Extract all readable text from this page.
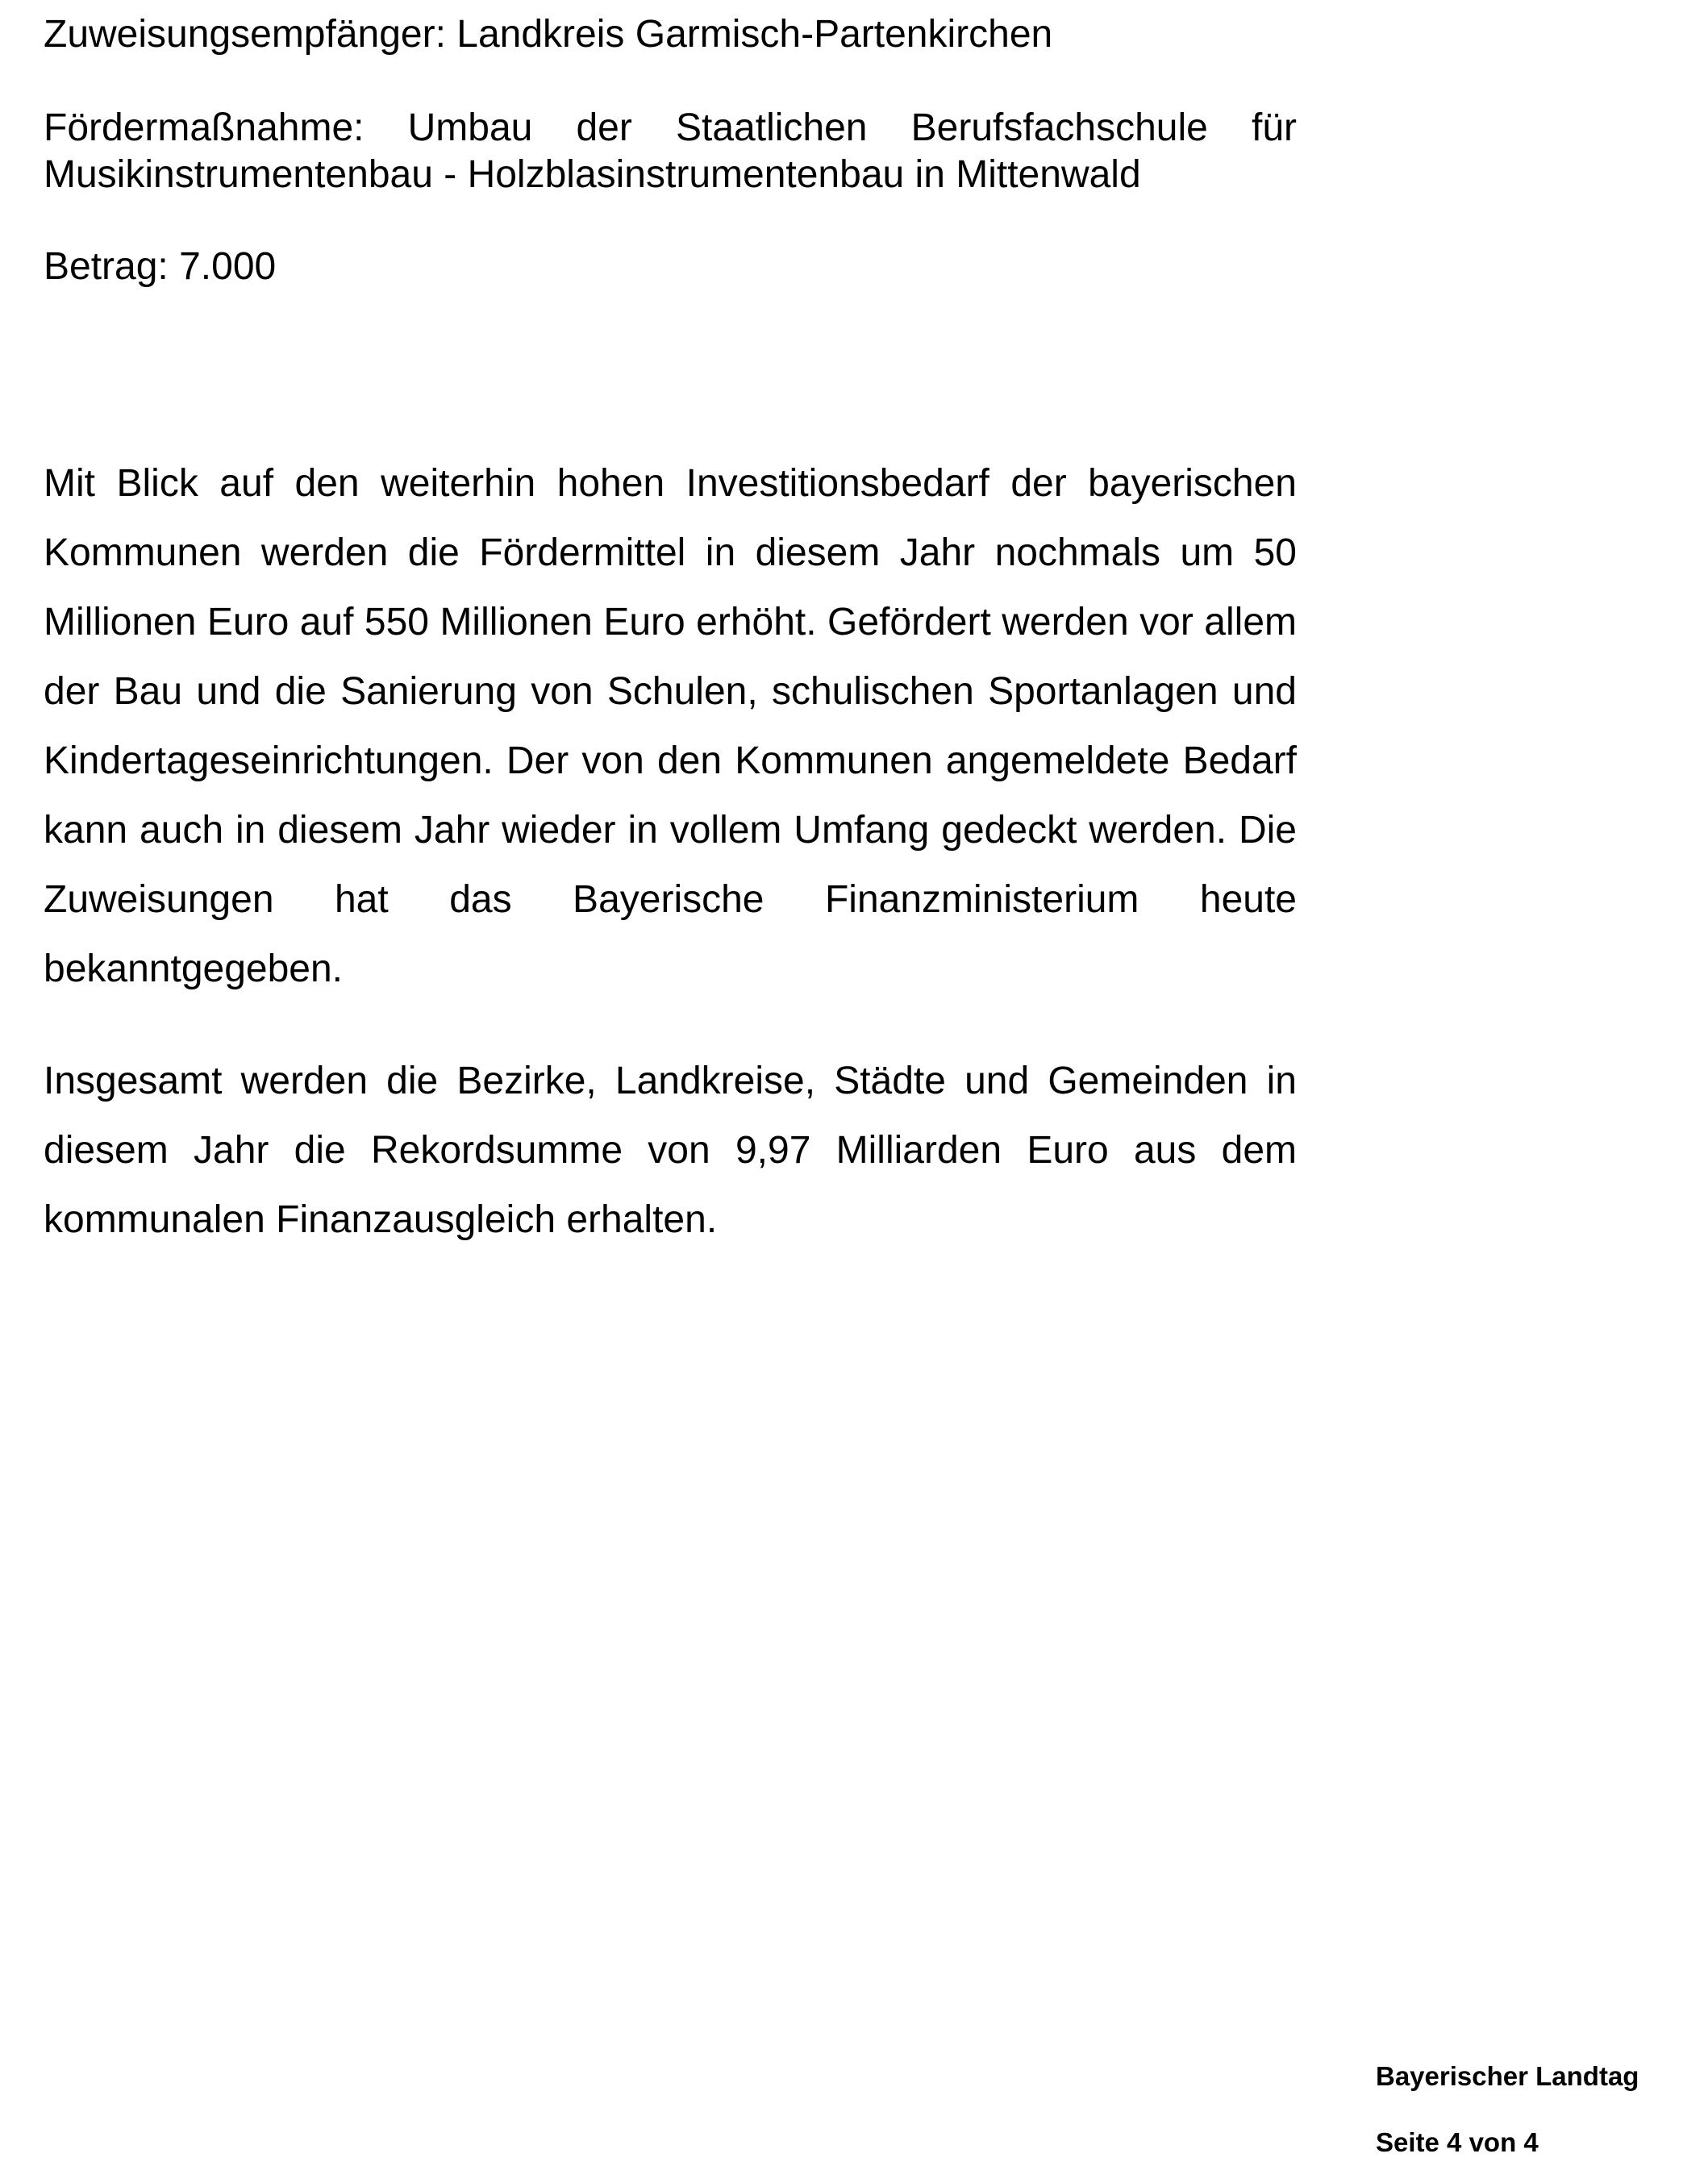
Zuweisungsempfänger: Landkreis Garmisch-Partenkirchen

Fördermaßnahme: Umbau der Staatlichen Berufsfachschule für Musikinstrumentenbau - Holzblasinstrumentenbau in Mittenwald

Betrag: 7.000

Mit Blick auf den weiterhin hohen Investitionsbedarf der bayerischen Kommunen werden die Fördermittel in diesem Jahr nochmals um 50 Millionen Euro auf 550 Millionen Euro erhöht. Gefördert werden vor allem der Bau und die Sanierung von Schulen, schulischen Sportanlagen und Kindertageseinrichtungen. Der von den Kommunen angemeldete Bedarf kann auch in diesem Jahr wieder in vollem Umfang gedeckt werden. Die Zuweisungen hat das Bayerische Finanzministerium heute bekanntgegeben.

Insgesamt werden die Bezirke, Landkreise, Städte und Gemeinden in diesem Jahr die Rekordsumme von 9,97 Milliarden Euro aus dem kommunalen Finanzausgleich erhalten.

Bayerischer Landtag

Seite 4 von 4
